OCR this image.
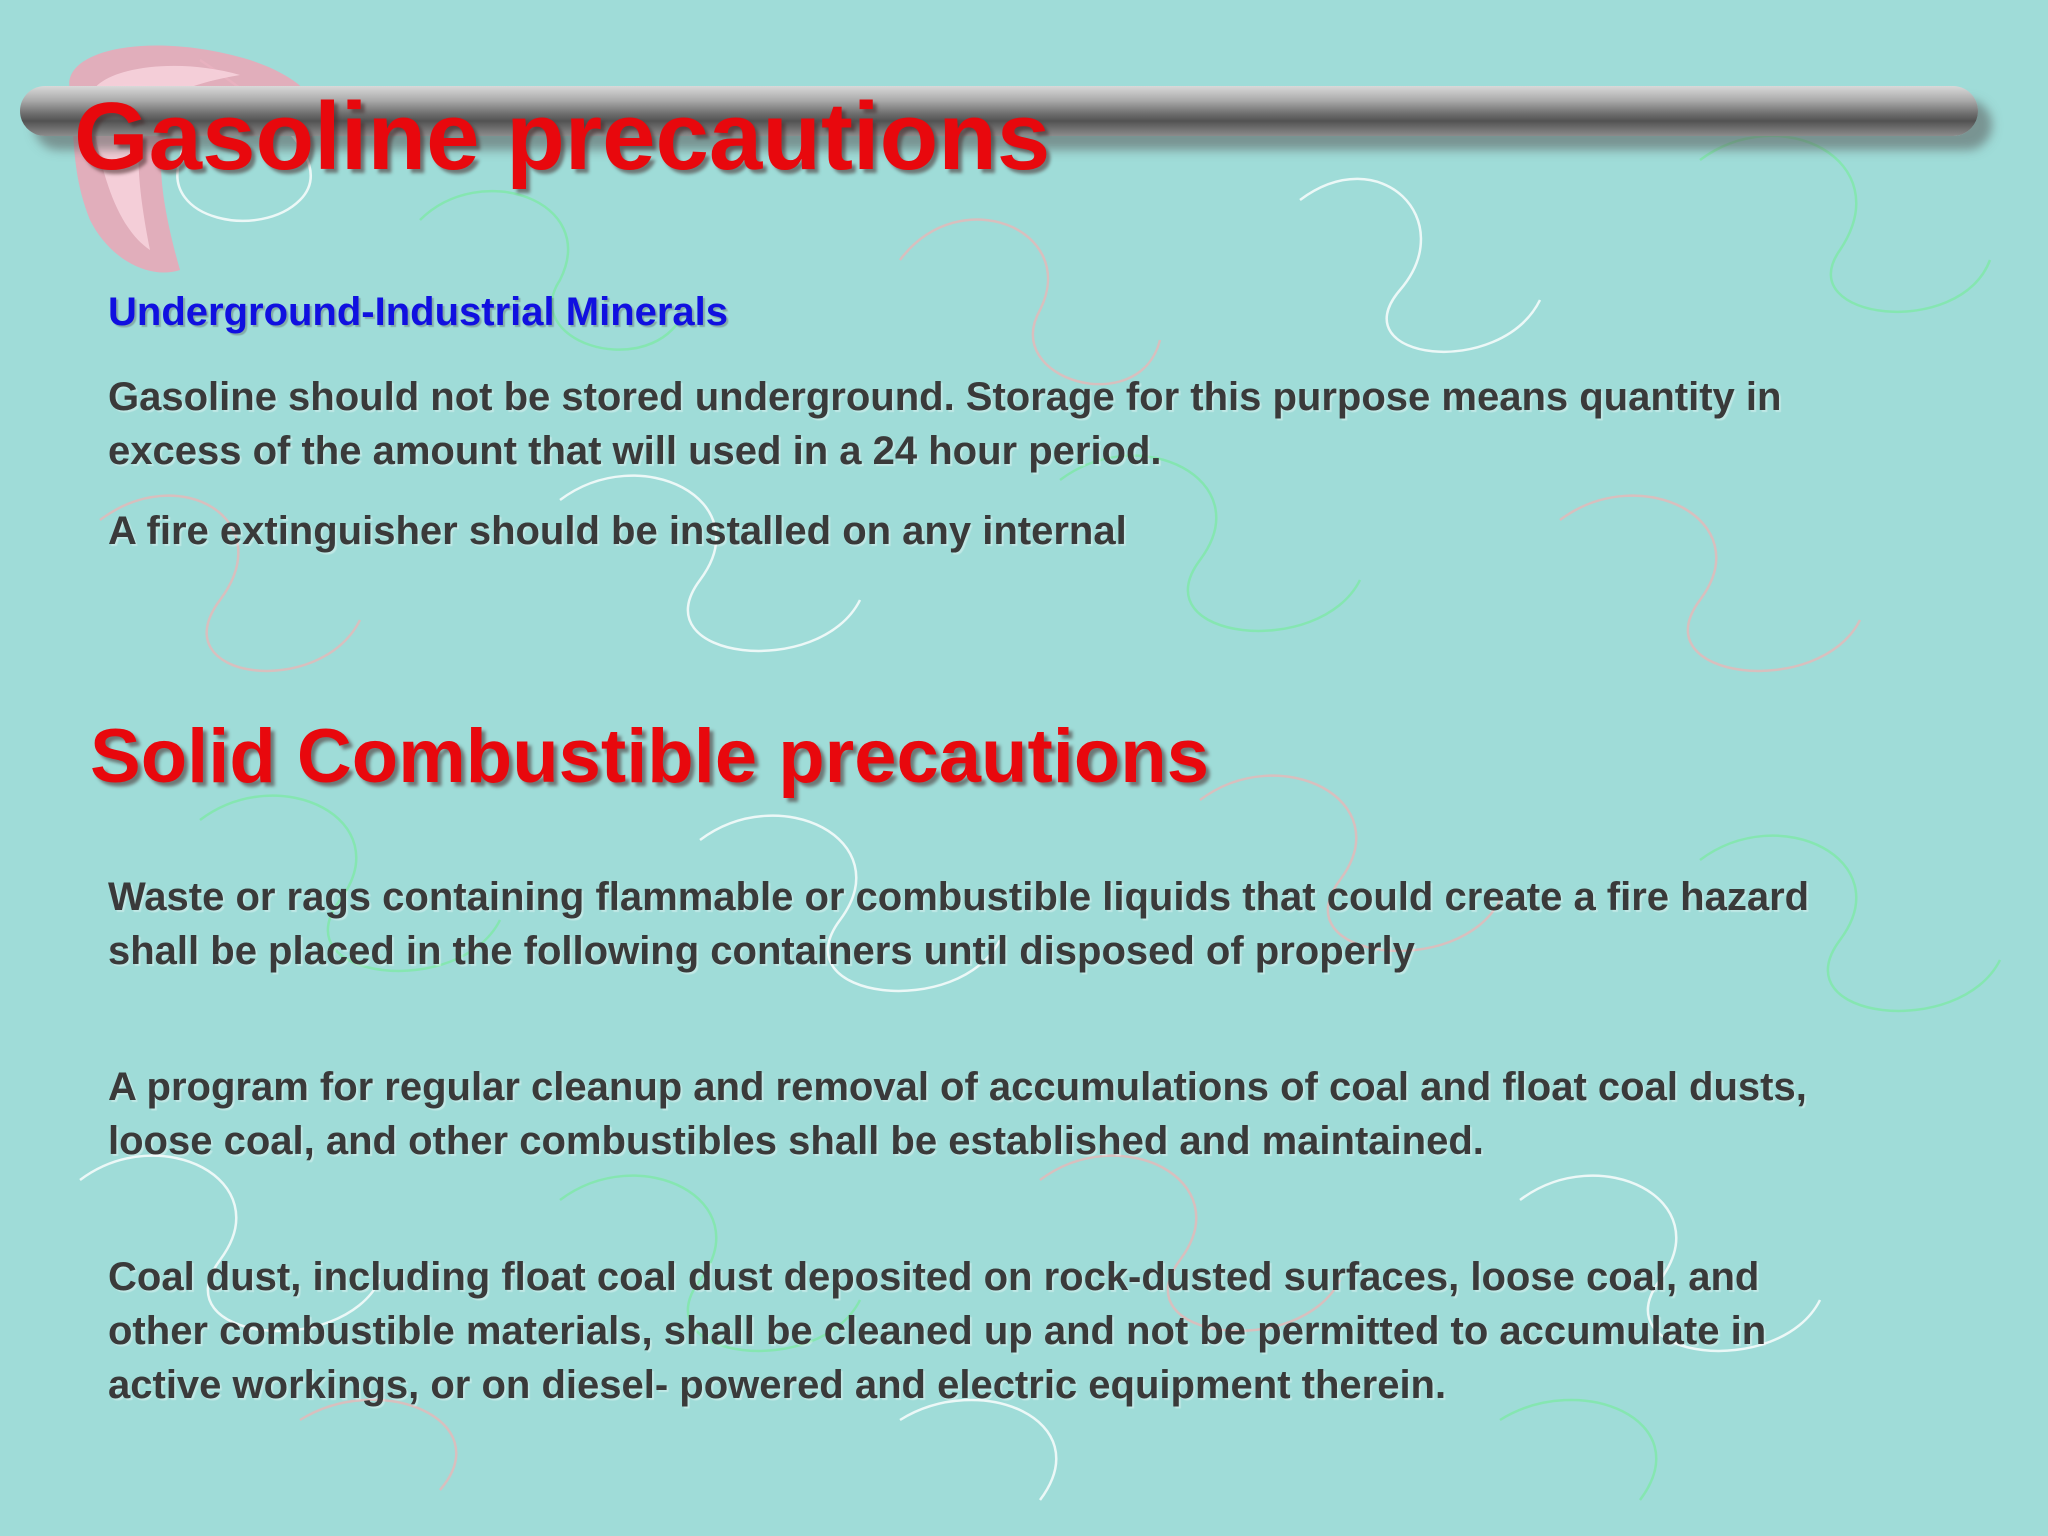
Gasoline precautions

Underground-Industrial Minerals

Gasoline should not be stored underground. Storage for this purpose means quantity in excess of the amount that will used in a 24 hour period.

A fire extinguisher should be installed on any internal

Solid Combustible precautions

Waste or rags containing flammable or combustible liquids that could create a fire hazard shall be placed in the following containers until disposed of properly

A program for regular cleanup and removal of accumulations of coal and float coal dusts, loose coal, and other combustibles shall be established and maintained.

Coal dust, including float coal dust deposited on rock-dusted surfaces, loose coal, and other combustible materials, shall be cleaned up and not be permitted to accumulate in active workings, or on diesel- powered and electric equipment therein.
